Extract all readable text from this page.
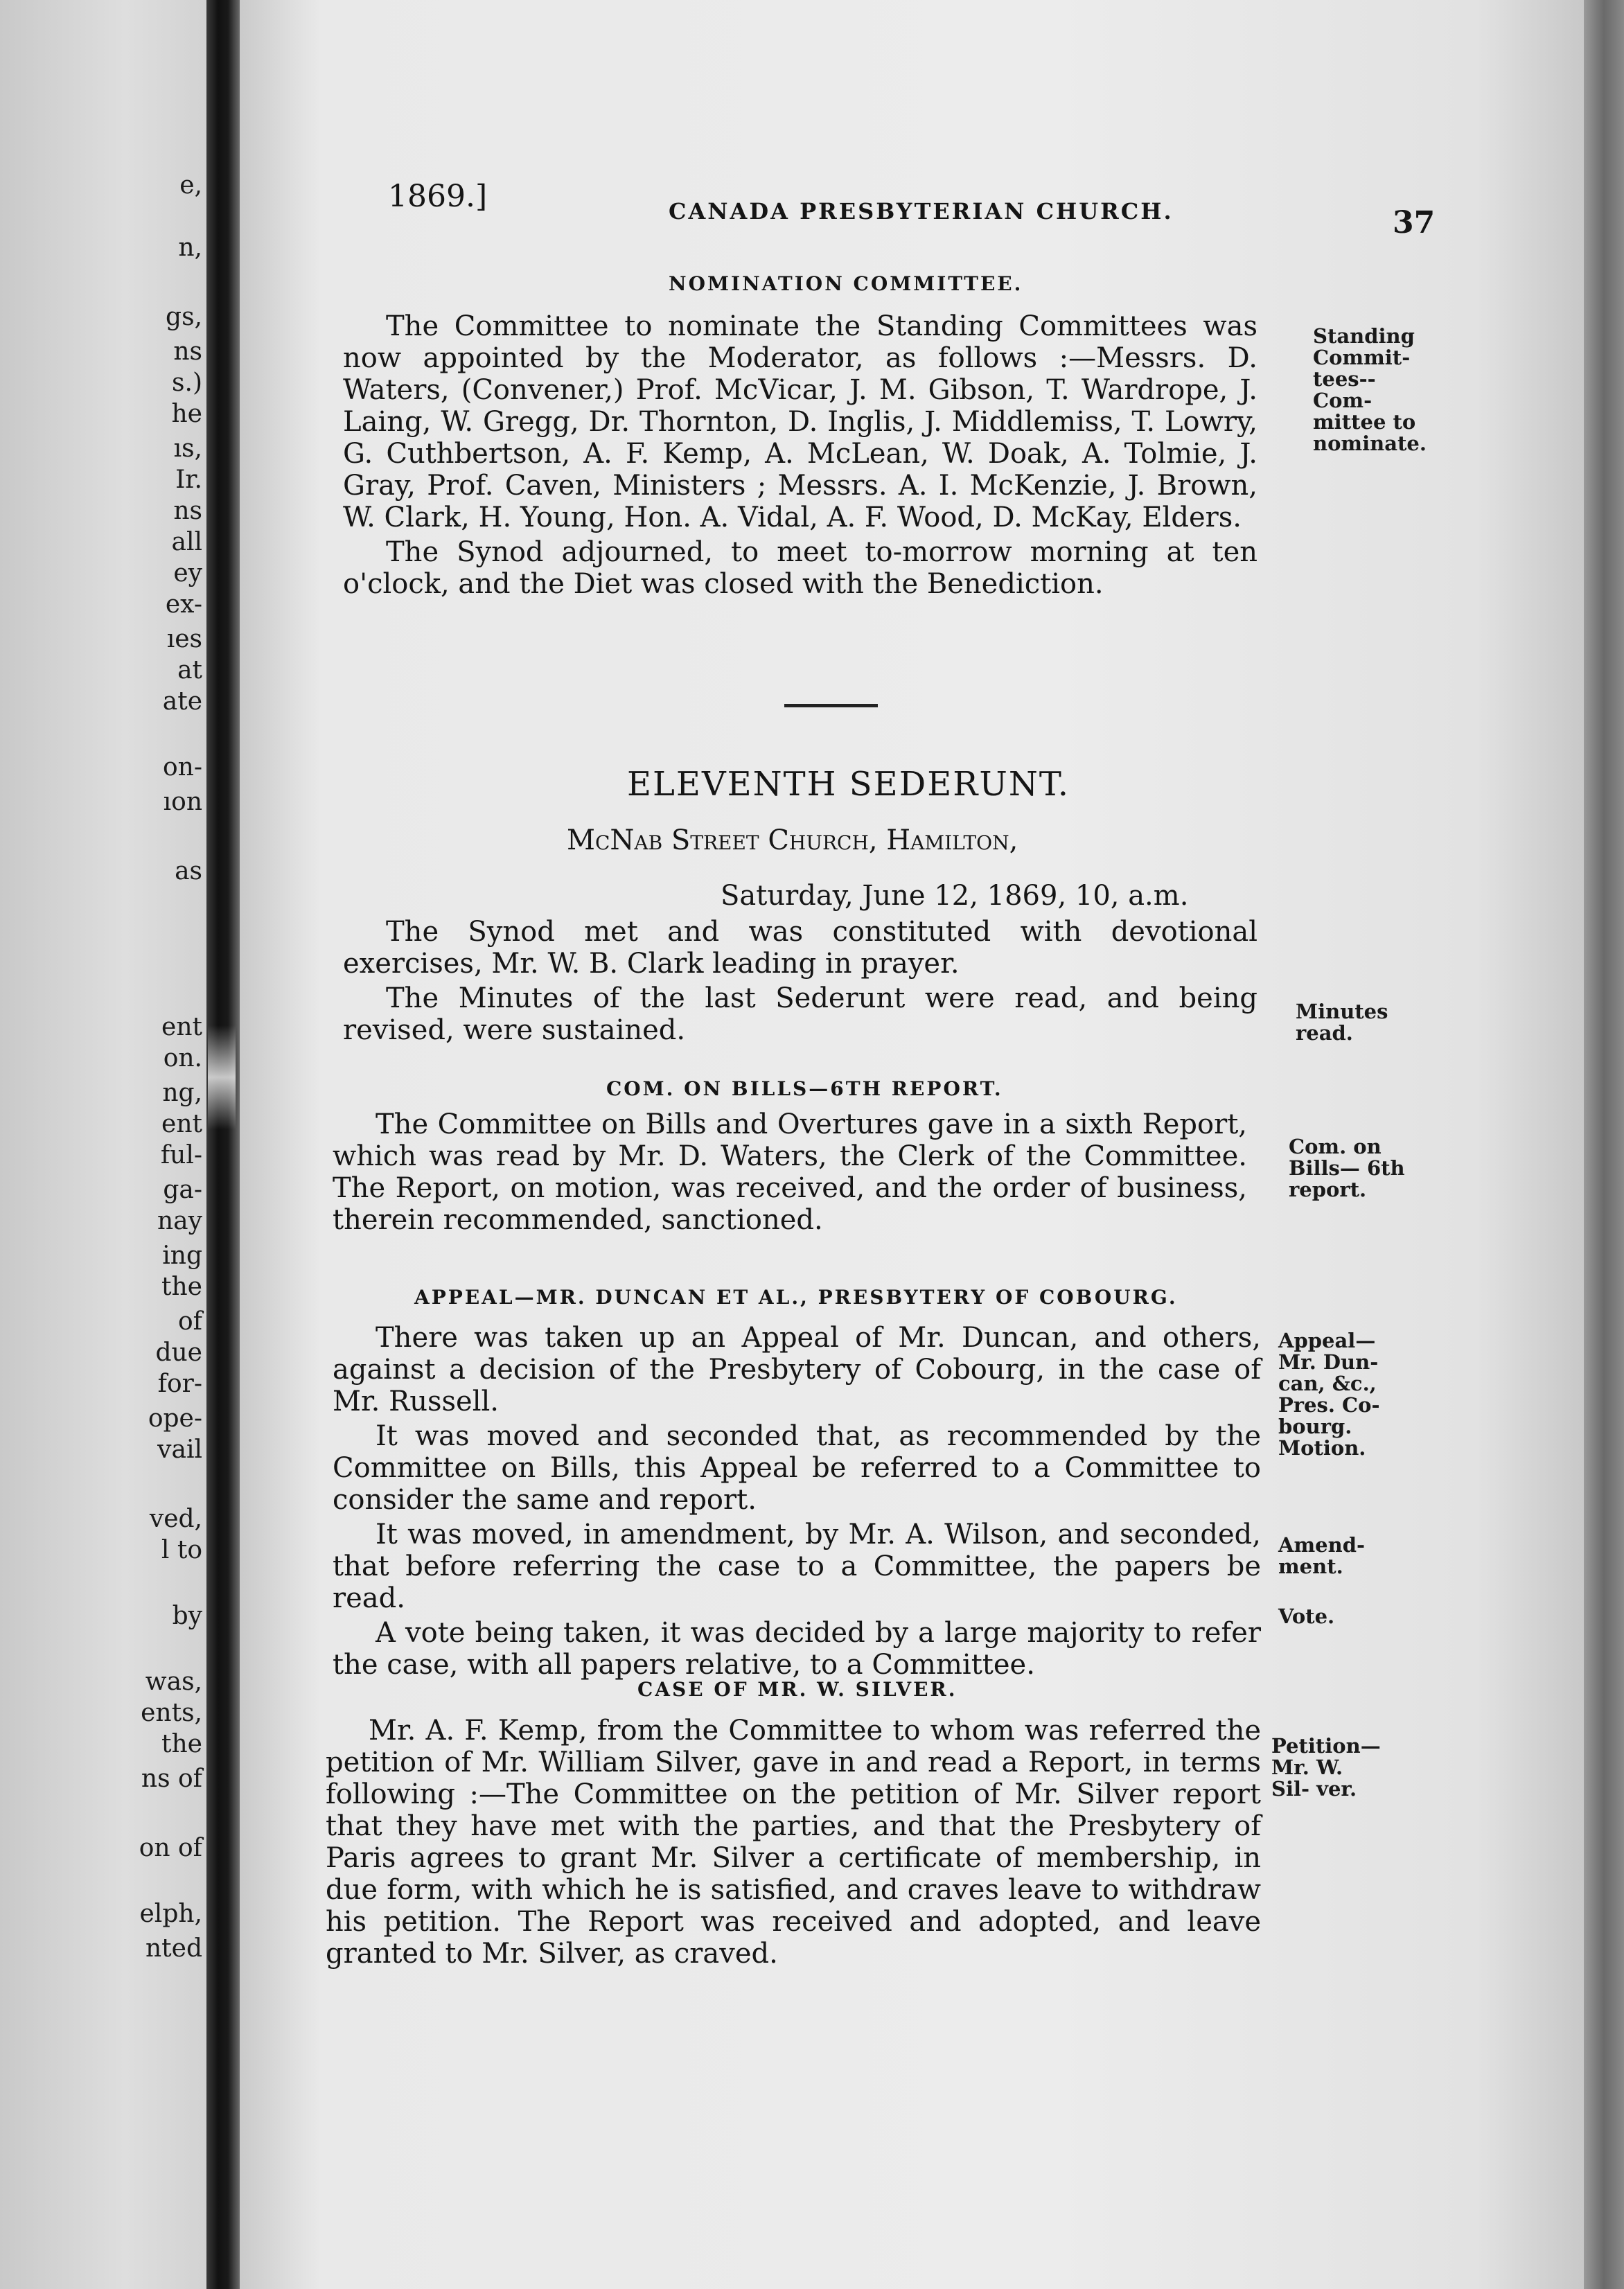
e,
n,
gs,
ns
s.)
he
ıs,
Ir.
ns
all
ey
ex-
ıes
at
ate
on-
ıon
as
ent
on.
ng,
ent
ful-
ga-
nay
ing
the
of
due
for-
ope-
vail
ved,
l to
by
was,
ents,
the
ns of
on of
elph,
nted
1869.]	CANADA PRESBYTERIAN CHURCH.	37
NOMINATION COMMITTEE.

The Committee to nominate the Standing Committees was now appointed by the Moderator, as follows :—Messrs. D. Waters, (Convener,) Prof. McVicar, J. M. Gibson, T. Wardrope, J. Laing, W. Gregg, Dr. Thornton, D. Inglis, J. Middlemiss, T. Lowry, G. Cuthbertson, A. F. Kemp, A. McLean, W. Doak, A. Tolmie, J. Gray, Prof. Caven, Ministers ; Messrs. A. I. McKenzie, J. Brown, W. Clark, H. Young, Hon. A. Vidal, A. F. Wood, D. McKay, Elders.

The Synod adjourned, to meet to-morrow morning at ten o'clock, and the Diet was closed with the Benediction.

Standing Commit- tees--Com- mittee to nominate.
ELEVENTH SEDERUNT.
McNab Street Church, Hamilton,
Saturday, June 12, 1869, 10, a.m.

The Synod met and was constituted with devotional exercises, Mr. W. B. Clark leading in prayer.

The Minutes of the last Sederunt were read, and being revised, were sustained.

Minutes read.
COM. ON BILLS—6TH REPORT.

The Committee on Bills and Overtures gave in a sixth Report, which was read by Mr. D. Waters, the Clerk of the Committee. The Report, on motion, was received, and the order of business, therein recommended, sanctioned.

Com. on Bills— 6th report.
APPEAL—MR. DUNCAN ET AL., PRESBYTERY OF COBOURG.

There was taken up an Appeal of Mr. Duncan, and others, against a decision of the Presbytery of Cobourg, in the case of Mr. Russell.

It was moved and seconded that, as recommended by the Committee on Bills, this Appeal be referred to a Committee to consider the same and report.

It was moved, in amendment, by Mr. A. Wilson, and seconded, that before referring the case to a Committee, the papers be read.

A vote being taken, it was decided by a large majority to refer the case, with all papers relative, to a Committee.

Appeal— Mr. Dun- can, &c., Pres. Co- bourg. Motion.
Amend- ment.
Vote.
CASE OF MR. W. SILVER.

Mr. A. F. Kemp, from the Committee to whom was referred the petition of Mr. William Silver, gave in and read a Report, in terms following :—The Committee on the petition of Mr. Silver report that they have met with the parties, and that the Presbytery of Paris agrees to grant Mr. Silver a certificate of membership, in due form, with which he is satisfied, and craves leave to withdraw his petition. The Report was received and adopted, and leave granted to Mr. Silver, as craved.

Petition— Mr. W. Sil- ver.
